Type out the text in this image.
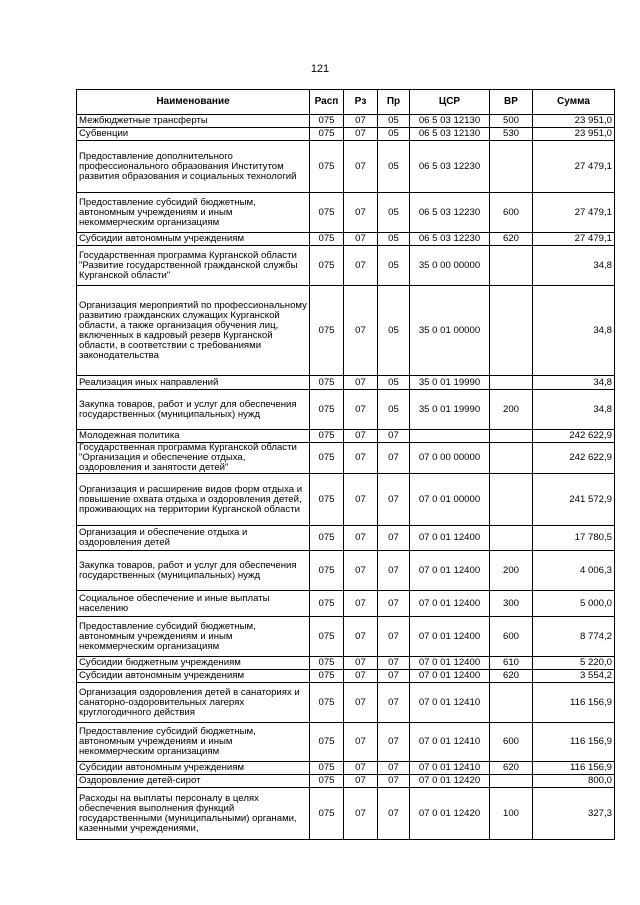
121
Наименование	Расп	Рз	Пр	ЦСР	ВР	Сумма
Межбюджетные трансферты	075	07	05	06 5 03 12130	500	23 951,0
Субвенции	075	07	05	06 5 03 12130	530	23 951,0
Предоставление дополнительного профессионального образования Институтом развития образования и социальных технологий	075	07	05	06 5 03 12230		27 479,1
Предоставление субсидий бюджетным, автономным учреждениям и иным некоммерческим организациям	075	07	05	06 5 03 12230	600	27 479,1
Субсидии автономным учреждениям	075	07	05	06 5 03 12230	620	27 479,1
Государственная программа Курганской области "Развитие государственной гражданской службы Курганской области"	075	07	05	35 0 00 00000		34,8
Организация мероприятий по профессиональному развитию гражданских служащих Курганской области, а также организация обучения лиц, включенных в кадровый резерв Курганской области, в соответствии с требованиями законодательства	075	07	05	35 0 01 00000		34,8
Реализация иных направлений	075	07	05	35 0 01 19990		34,8
Закупка товаров, работ и услуг для обеспечения государственных (муниципальных) нужд	075	07	05	35 0 01 19990	200	34,8
Молодежная политика	075	07	07			242 622,9
Государственная программа Курганской области "Организация и обеспечение отдыха, оздоровления и занятости детей"	075	07	07	07 0 00 00000		242 622,9
Организация и расширение видов форм отдыха и повышение охвата отдыха и оздоровления детей, проживающих на территории Курганской области	075	07	07	07 0 01 00000		241 572,9
Организация и обеспечение отдыха и оздоровления детей	075	07	07	07 0 01 12400		17 780,5
Закупка товаров, работ и услуг для обеспечения государственных (муниципальных) нужд	075	07	07	07 0 01 12400	200	4 006,3
Социальное обеспечение и иные выплаты населению	075	07	07	07 0 01 12400	300	5 000,0
Предоставление субсидий бюджетным, автономным учреждениям и иным некоммерческим организациям	075	07	07	07 0 01 12400	600	8 774,2
Субсидии бюджетным учреждениям	075	07	07	07 0 01 12400	610	5 220,0
Субсидии автономным учреждениям	075	07	07	07 0 01 12400	620	3 554,2
Организация оздоровления детей в санаториях и санаторно-оздоровительных лагерях круглогодичного действия	075	07	07	07 0 01 12410		116 156,9
Предоставление субсидий бюджетным, автономным учреждениям и иным некоммерческим организациям	075	07	07	07 0 01 12410	600	116 156,9
Субсидии автономным учреждениям	075	07	07	07 0 01 12410	620	116 156,9
Оздоровление детей-сирот	075	07	07	07 0 01 12420		800,0
Расходы на выплаты персоналу в целях обеспечения выполнения функций государственными (муниципальными) органами, казенными учреждениями,	075	07	07	07 0 01 12420	100	327,3
